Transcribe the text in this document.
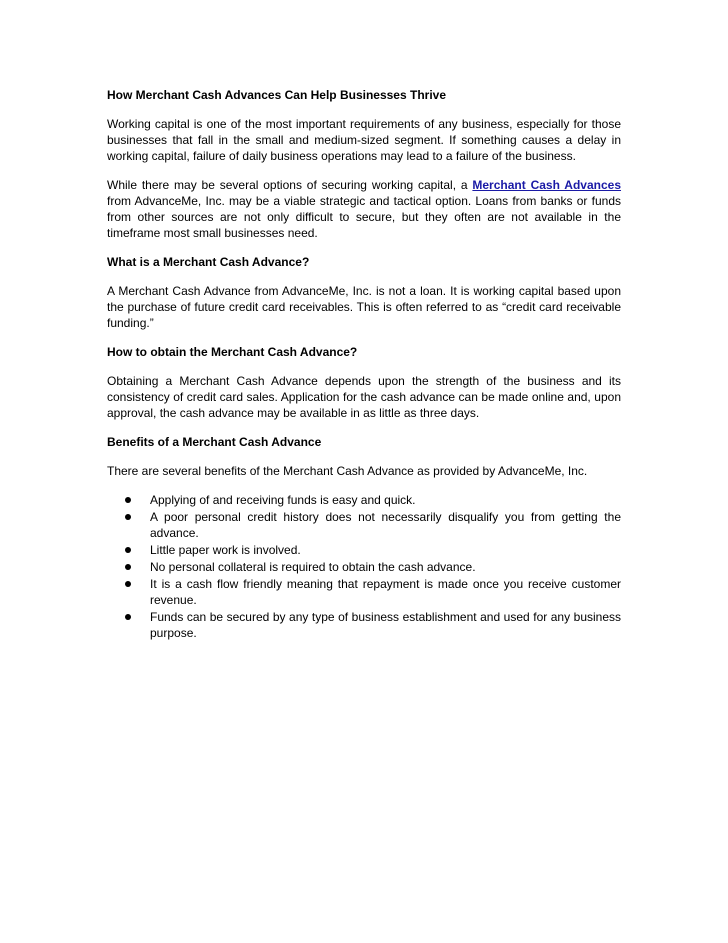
How Merchant Cash Advances Can Help Businesses Thrive

Working capital is one of the most important requirements of any business, especially for those businesses that fall in the small and medium-sized segment. If something causes a delay in working capital, failure of daily business operations may lead to a failure of the business.

While there may be several options of securing working capital, a Merchant Cash Advances from AdvanceMe, Inc. may be a viable strategic and tactical option. Loans from banks or funds from other sources are not only difficult to secure, but they often are not available in the timeframe most small businesses need.

What is a Merchant Cash Advance?

A Merchant Cash Advance from AdvanceMe, Inc. is not a loan. It is working capital based upon the purchase of future credit card receivables. This is often referred to as “credit card receivable funding.”

How to obtain the Merchant Cash Advance?

Obtaining a Merchant Cash Advance depends upon the strength of the business and its consistency of credit card sales. Application for the cash advance can be made online and, upon approval, the cash advance may be available in as little as three days.

Benefits of a Merchant Cash Advance

There are several benefits of the Merchant Cash Advance as provided by AdvanceMe, Inc.

Applying of and receiving funds is easy and quick.
A poor personal credit history does not necessarily disqualify you from getting the advance.
Little paper work is involved.
No personal collateral is required to obtain the cash advance.
It is a cash flow friendly meaning that repayment is made once you receive customer revenue.
Funds can be secured by any type of business establishment and used for any business purpose.
